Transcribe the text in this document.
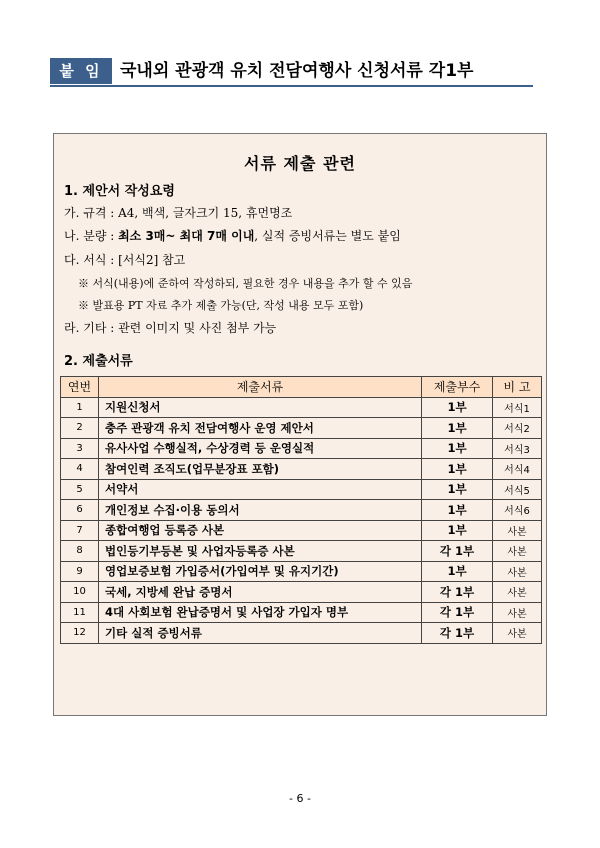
붙 임	국내외 관광객 유치 전담여행사 신청서류 각1부
서류 제출 관련
1. 제안서 작성요령
가. 규격 : A4, 백색, 글자크기 15, 휴먼명조
나. 분량 : 최소 3매~ 최대 7매 이내, 실적 증빙서류는 별도 붙임
다. 서식 : [서식2] 참고
※ 서식(내용)에 준하여 작성하되, 필요한 경우 내용을 추가 할 수 있음
※ 발표용 PT 자료 추가 제출 가능(단, 작성 내용 모두 포함)
라. 기타 : 관련 이미지 및 사진 첨부 가능
2. 제출서류
연번	제출서류	제출부수	비 고
1	지원신청서	1부	서식1
2	충주 관광객 유치 전담여행사 운영 제안서	1부	서식2
3	유사사업 수행실적, 수상경력 등 운영실적	1부	서식3
4	참여인력 조직도(업무분장표 포함)	1부	서식4
5	서약서	1부	서식5
6	개인정보 수집·이용 동의서	1부	서식6
7	종합여행업 등록증 사본	1부	사본
8	법인등기부등본 및 사업자등록증 사본	각 1부	사본
9	영업보증보험 가입증서(가입여부 및 유지기간)	1부	사본
10	국세, 지방세 완납 증명서	각 1부	사본
11	4대 사회보험 완납증명서 및 사업장 가입자 명부	각 1부	사본
12	기타 실적 증빙서류	각 1부	사본
- 6 -
